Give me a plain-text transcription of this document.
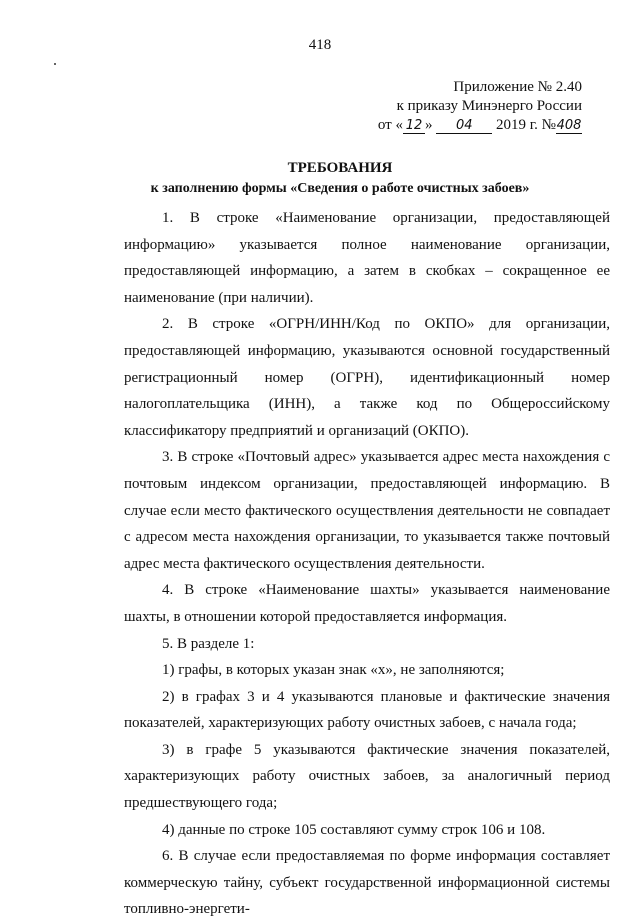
418
Приложение № 2.40
к приказу Минэнерго России
от « 12 » 04 2019 г. №408
ТРЕБОВАНИЯ
к заполнению формы «Сведения о работе очистных забоев»

1. В строке «Наименование организации, предоставляющей информацию» указывается полное наименование организации, предоставляющей информацию, а затем в скобках – сокращенное ее наименование (при наличии).

2. В строке «ОГРН/ИНН/Код по ОКПО» для организации, предоставляющей информацию, указываются основной государственный регистрационный номер (ОГРН), идентификационный номер налогоплательщика (ИНН), а также код по Общероссийскому классификатору предприятий и организаций (ОКПО).

3. В строке «Почтовый адрес» указывается адрес места нахождения с почтовым индексом организации, предоставляющей информацию. В случае если место фактического осуществления деятельности не совпадает с адресом места нахождения организации, то указывается также почтовый адрес места фактического осуществления деятельности.

4. В строке «Наименование шахты» указывается наименование шахты, в отношении которой предоставляется информация.

5. В разделе 1:

1) графы, в которых указан знак «х», не заполняются;

2) в графах 3 и 4 указываются плановые и фактические значения показателей, характеризующих работу очистных забоев, с начала года;

3) в графе 5 указываются фактические значения показателей, характеризующих работу очистных забоев, за аналогичный период предшествующего года;

4) данные по строке 105 составляют сумму строк 106 и 108.

6. В случае если предоставляемая по форме информация составляет коммерческую тайну, субъект государственной информационной системы топливно-энергети-
